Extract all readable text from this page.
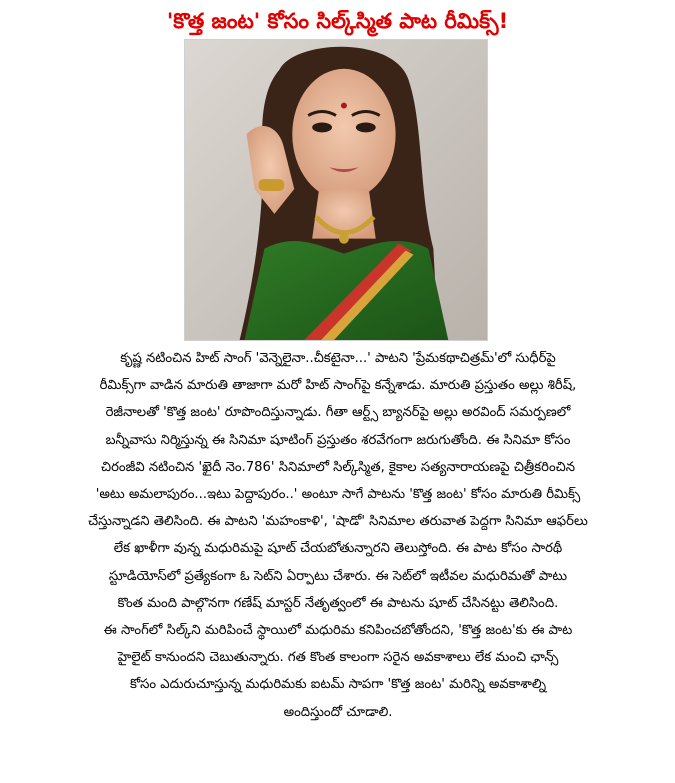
'కొత్త జంట' కోసం సిల్క్‌స్మిత పాట రీమిక్స్!
కృష్ణ నటించిన హిట్ సాంగ్ 'వెన్నెలైనా..చీకటైనా...' పాటని 'ప్రేమకథాచిత్రమ్'లో సుధీర్‌పై
రీమిక్స్‌గా వాడిన మారుతి తాజాగా మరో హిట్ సాంగ్‌పై కన్నేశాడు. మారుతి ప్రస్తుతం అల్లు శిరీష్,
రెజీనాలతో 'కొత్త జంట' రూపొందిస్తున్నాడు. గీతా ఆర్ట్స్ బ్యానర్‌పై అల్లు అరవింద్ సమర్పణలో
బన్నీవాసు నిర్మిస్తున్న ఈ సినిమా షూటింగ్ ప్రస్తుతం శరవేగంగా జరుగుతోంది. ఈ సినిమా కోసం
చిరంజీవి నటించిన 'ఖైదీ నెం.786' సినిమాలో సిల్క్‌స్మిత, కైకాల సత్యనారాయణపై చిత్రీకరించిన
'అటు అమలాపురం...ఇటు పెద్దాపురం..' అంటూ సాగే పాటను 'కొత్త జంట' కోసం మారుతి రీమిక్స్
చేస్తున్నాడని తెలిసింది. ఈ పాటని 'మహంకాళి', 'షాడో' సినిమాల తరువాత పెద్దగా సినిమా ఆఫర్‌లు
లేక ఖాళీగా వున్న మధురిమపై షూట్ చేయబోతున్నారని తెలుస్తోంది. ఈ పాట కోసం సారథీ
స్టూడియోస్‌లో ప్రత్యేకంగా ఓ సెట్‌ని ఏర్పాటు చేశారు. ఈ సెట్‌లో ఇటీవల మధురిమతో పాటు
కొంత మంది పాల్గొనగా గణేష్ మాస్టర్ నేతృత్వంలో ఈ పాటను షూట్ చేసినట్టు తెలిసింది.
ఈ సాంగ్‌లో సిల్క్‌ని మరిపించే స్థాయిలో మధురిమ కనిపించబోతోందని, 'కొత్త జంట'కు ఈ పాట
హైలైట్ కానుందని చెబుతున్నారు. గత కొంత కాలంగా సరైన అవకాశాలు లేక మంచి ఛాన్స్
కోసం ఎదురుచూస్తున్న మధురిమకు ఐటమ్ సాపగా 'కొత్త జంట' మరిన్ని అవకాశాల్ని
అందిస్తుందో చూడాలి.
